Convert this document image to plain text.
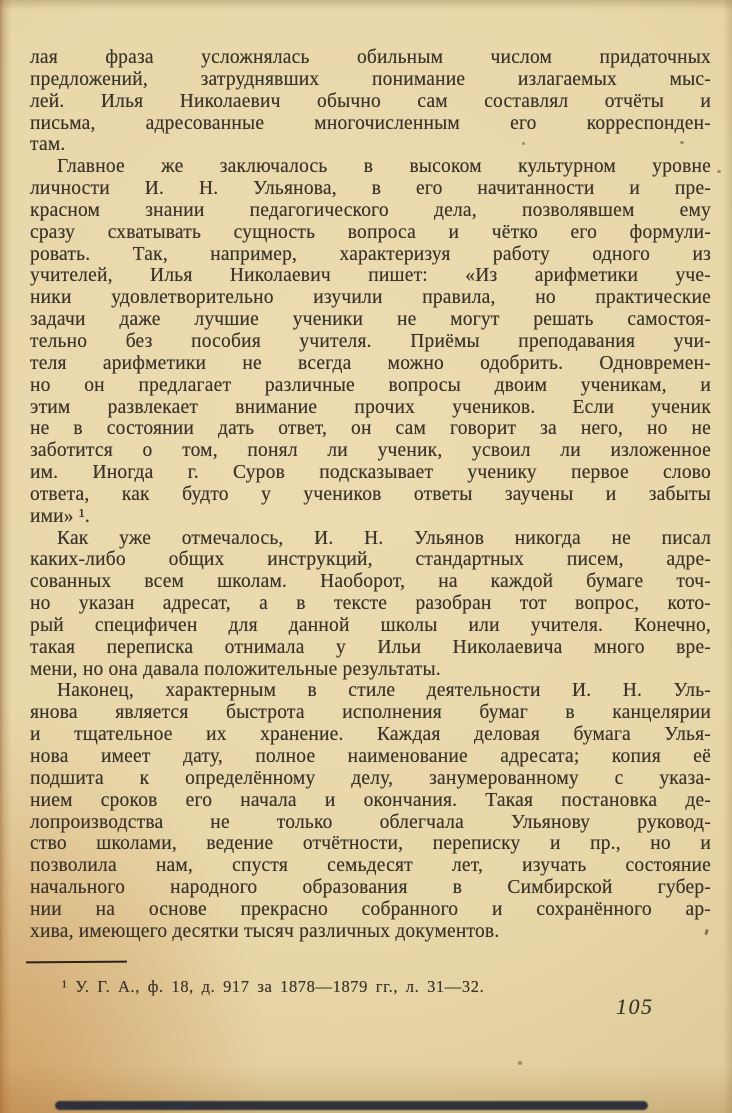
лая фраза усложнялась обильным числом придаточных
предложений, затруднявших понимание излагаемых мыс-
лей. Илья Николаевич обычно сам составлял отчёты и
письма, адресованные многочисленным его корреспонден-
там.
Главное же заключалось в высоком культурном уровне
личности И. Н. Ульянова, в его начитанности и пре-
красном знании педагогического дела, позволявшем ему
сразу схватывать сущность вопроса и чётко его формули-
ровать. Так, например, характеризуя работу одного из
учителей, Илья Николаевич пишет: «Из арифметики уче-
ники удовлетворительно изучили правила, но практические
задачи даже лучшие ученики не могут решать самостоя-
тельно без пособия учителя. Приёмы преподавания учи-
теля арифметики не всегда можно одобрить. Одновремен-
но он предлагает различные вопросы двоим ученикам, и
этим развлекает внимание прочих учеников. Если ученик
не в состоянии дать ответ, он сам говорит за него, но не
заботится о том, понял ли ученик, усвоил ли изложенное
им. Иногда г. Суров подсказывает ученику первое слово
ответа, как будто у учеников ответы заучены и забыты
ими» ¹.
Как уже отмечалось, И. Н. Ульянов никогда не писал
каких-либо общих инструкций, стандартных писем, адре-
сованных всем школам. Наоборот, на каждой бумаге точ-
но указан адресат, а в тексте разобран тот вопрос, кото-
рый специфичен для данной школы или учителя. Конечно,
такая переписка отнимала у Ильи Николаевича много вре-
мени, но она давала положительные результаты.
Наконец, характерным в стиле деятельности И. Н. Уль-
янова является быстрота исполнения бумаг в канцелярии
и тщательное их хранение. Каждая деловая бумага Улья-
нова имеет дату, полное наименование адресата; копия её
подшита к определённому делу, занумерованному с указа-
нием сроков его начала и окончания. Такая постановка де-
лопроизводства не только облегчала Ульянову руковод-
ство школами, ведение отчётности, переписку и пр., но и
позволила нам, спустя семьдесят лет, изучать состояние
начального народного образования в Симбирской губер-
нии на основе прекрасно собранного и сохранённого ар-
хива, имеющего десятки тысяч различных документов.
¹ У. Г. А., ф. 18, д. 917 за 1878—1879 гг., л. 31—32.
105
